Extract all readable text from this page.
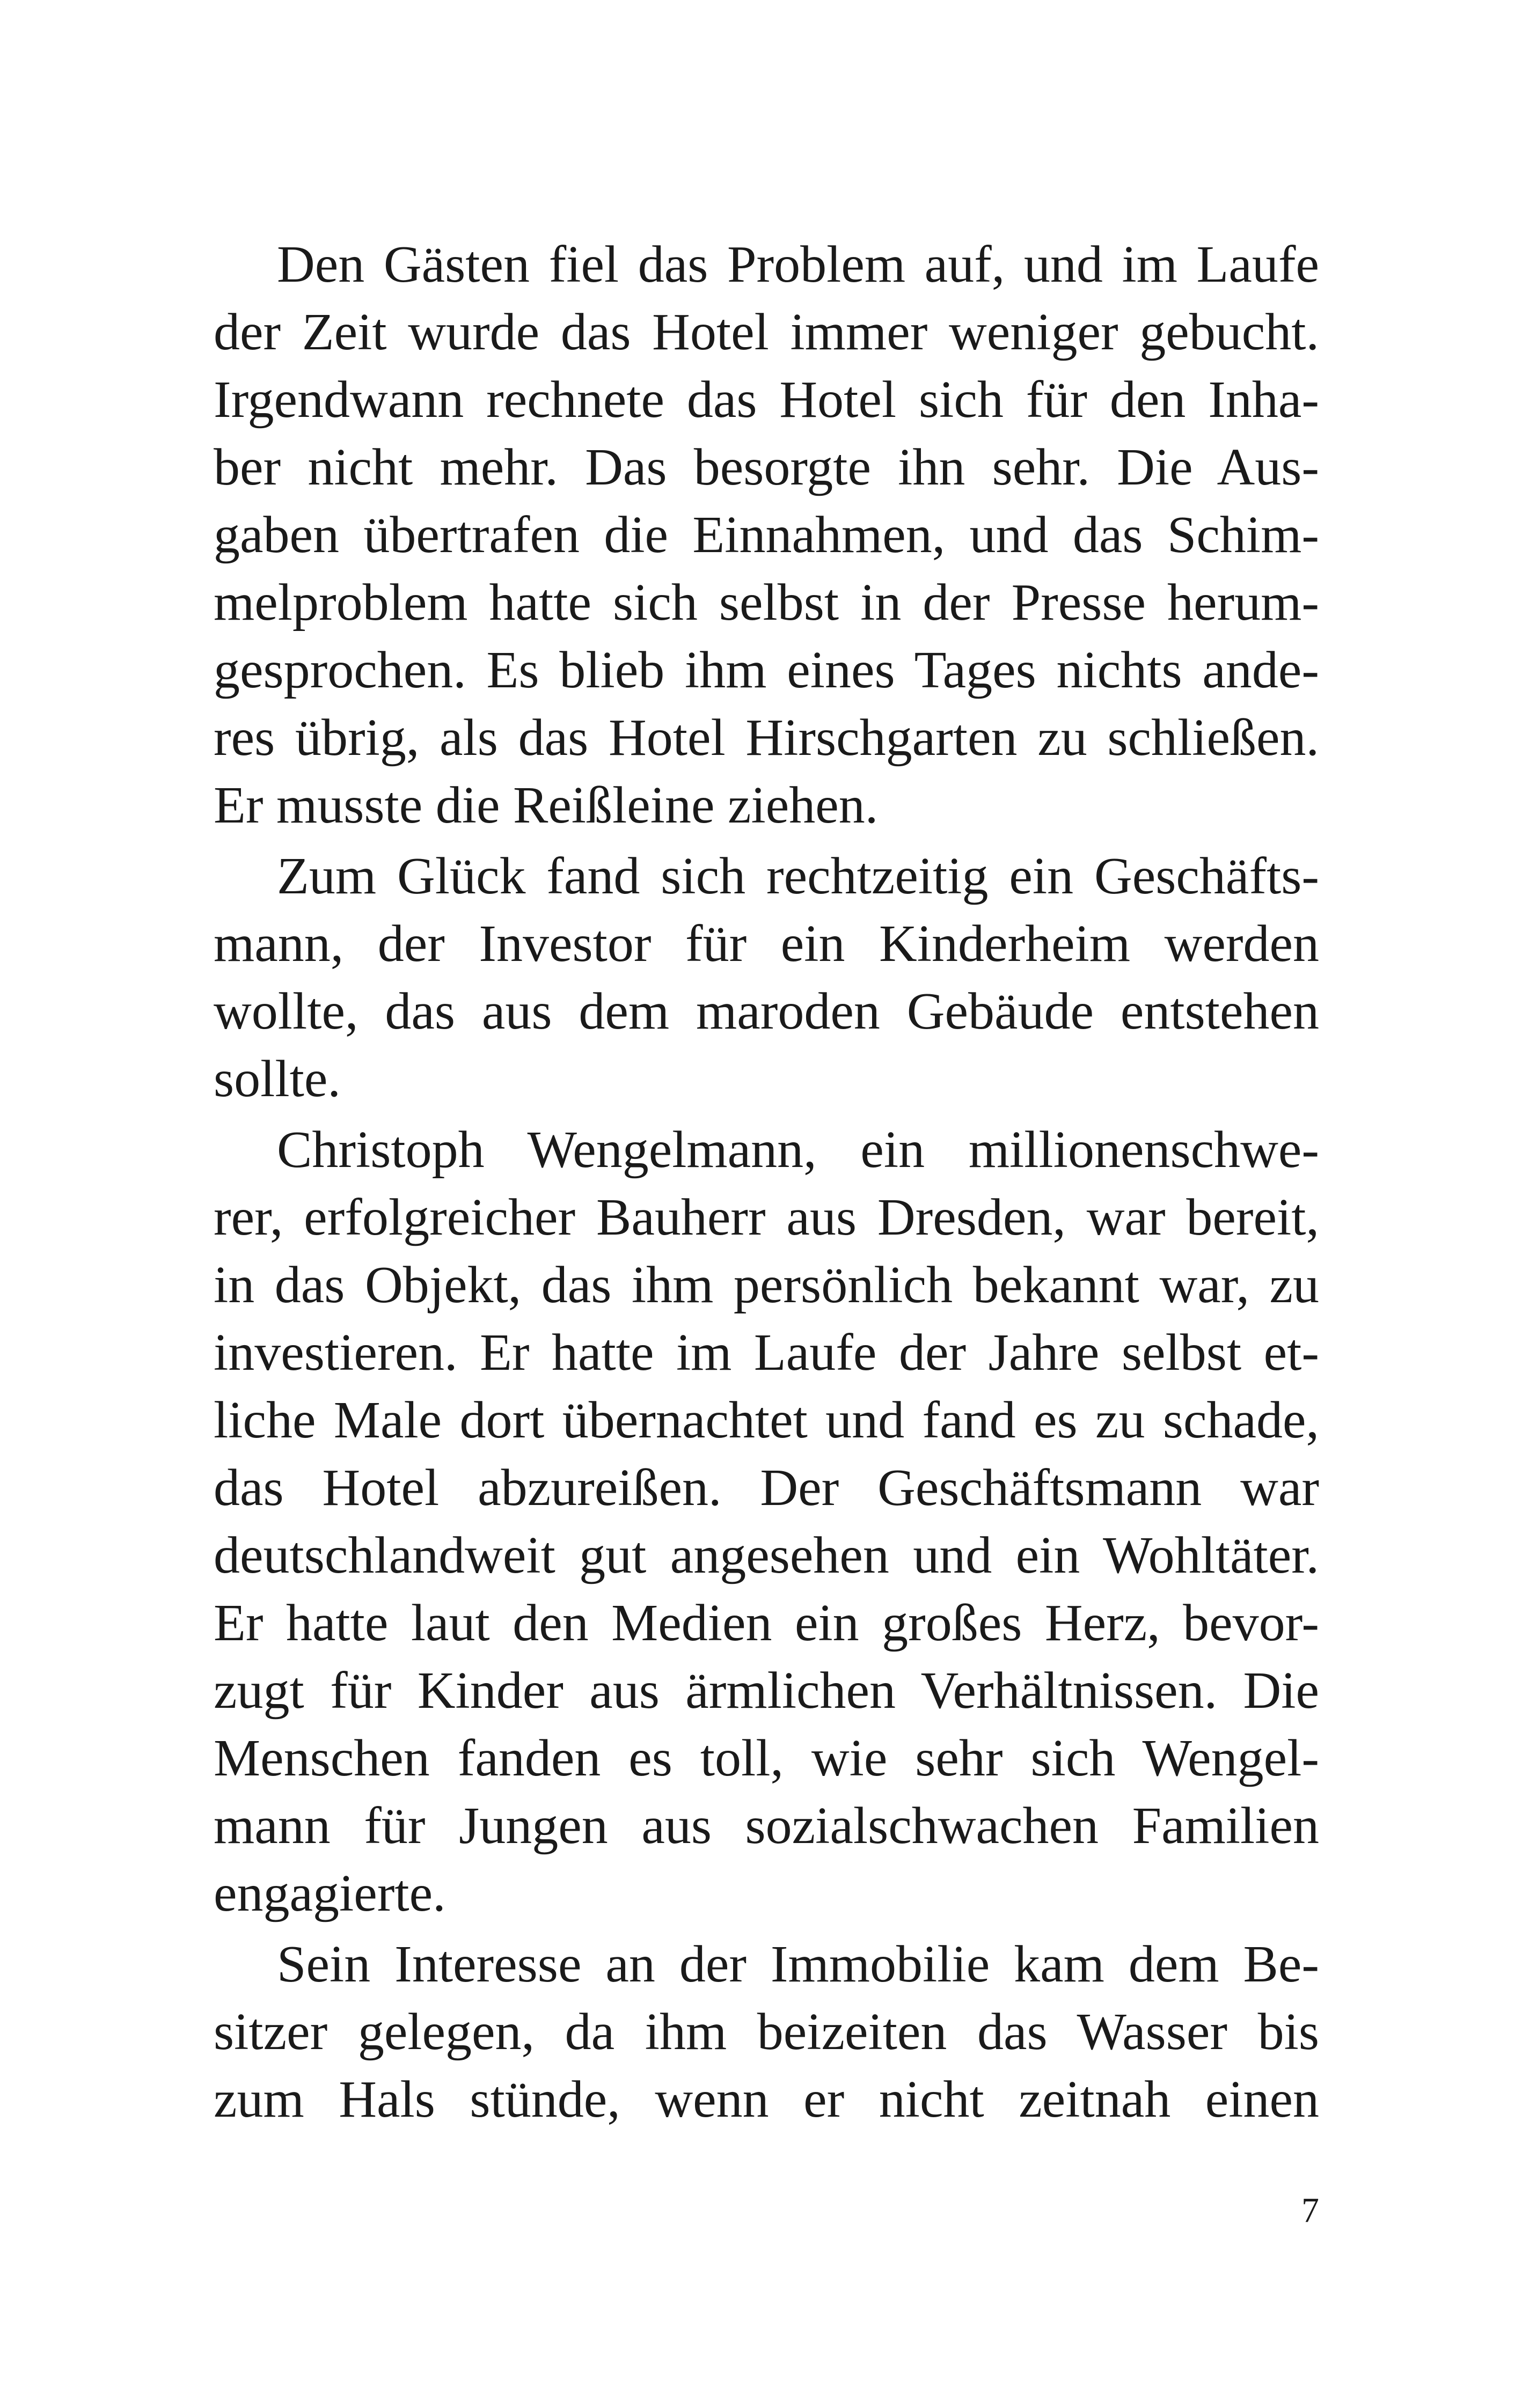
Den Gästen fiel das Problem auf, und im Laufe
der Zeit wurde das Hotel immer weniger gebucht.
Irgendwann rechnete das Hotel sich für den Inha-
ber nicht mehr. Das besorgte ihn sehr. Die Aus-
gaben übertrafen die Einnahmen, und das Schim-
melproblem hatte sich selbst in der Presse herum-
gesprochen. Es blieb ihm eines Tages nichts ande-
res übrig, als das Hotel Hirschgarten zu schließen.
Er musste die Reißleine ziehen.
Zum Glück fand sich rechtzeitig ein Geschäfts-
mann, der Investor für ein Kinderheim werden
wollte, das aus dem maroden Gebäude entstehen
sollte.
Christoph Wengelmann, ein millionenschwe-
rer, erfolgreicher Bauherr aus Dresden, war bereit,
in das Objekt, das ihm persönlich bekannt war, zu
investieren. Er hatte im Laufe der Jahre selbst et-
liche Male dort übernachtet und fand es zu schade,
das Hotel abzureißen. Der Geschäftsmann war
deutschlandweit gut angesehen und ein Wohltäter.
Er hatte laut den Medien ein großes Herz, bevor-
zugt für Kinder aus ärmlichen Verhältnissen. Die
Menschen fanden es toll, wie sehr sich Wengel-
mann für Jungen aus sozialschwachen Familien
engagierte.
Sein Interesse an der Immobilie kam dem Be-
sitzer gelegen, da ihm beizeiten das Wasser bis
zum Hals stünde, wenn er nicht zeitnah einen
7
